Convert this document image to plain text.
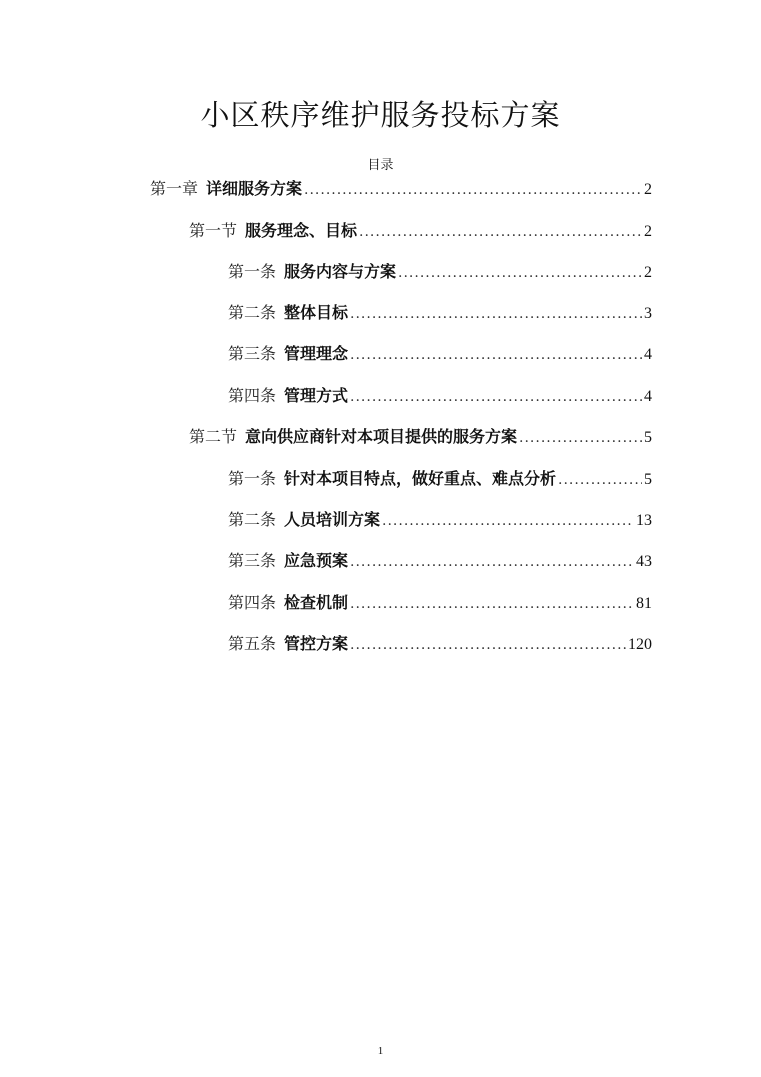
小区秩序维护服务投标方案
目录
第一章 详细服务方案 .....	2
第一节 服务理念、目标 .....	2
第一条 服务内容与方案 .....	2
第二条 整体目标 .....	3
第三条 管理理念 .....	4
第四条 管理方式 .....	4
第二节 意向供应商针对本项目提供的服务方案 .....	5
第一条 针对本项目特点，做好重点、难点分析 .....	5
第二条 人员培训方案 .....	13
第三条 应急预案 .....	43
第四条 检查机制 .....	81
第五条 管控方案 .....	120
1
